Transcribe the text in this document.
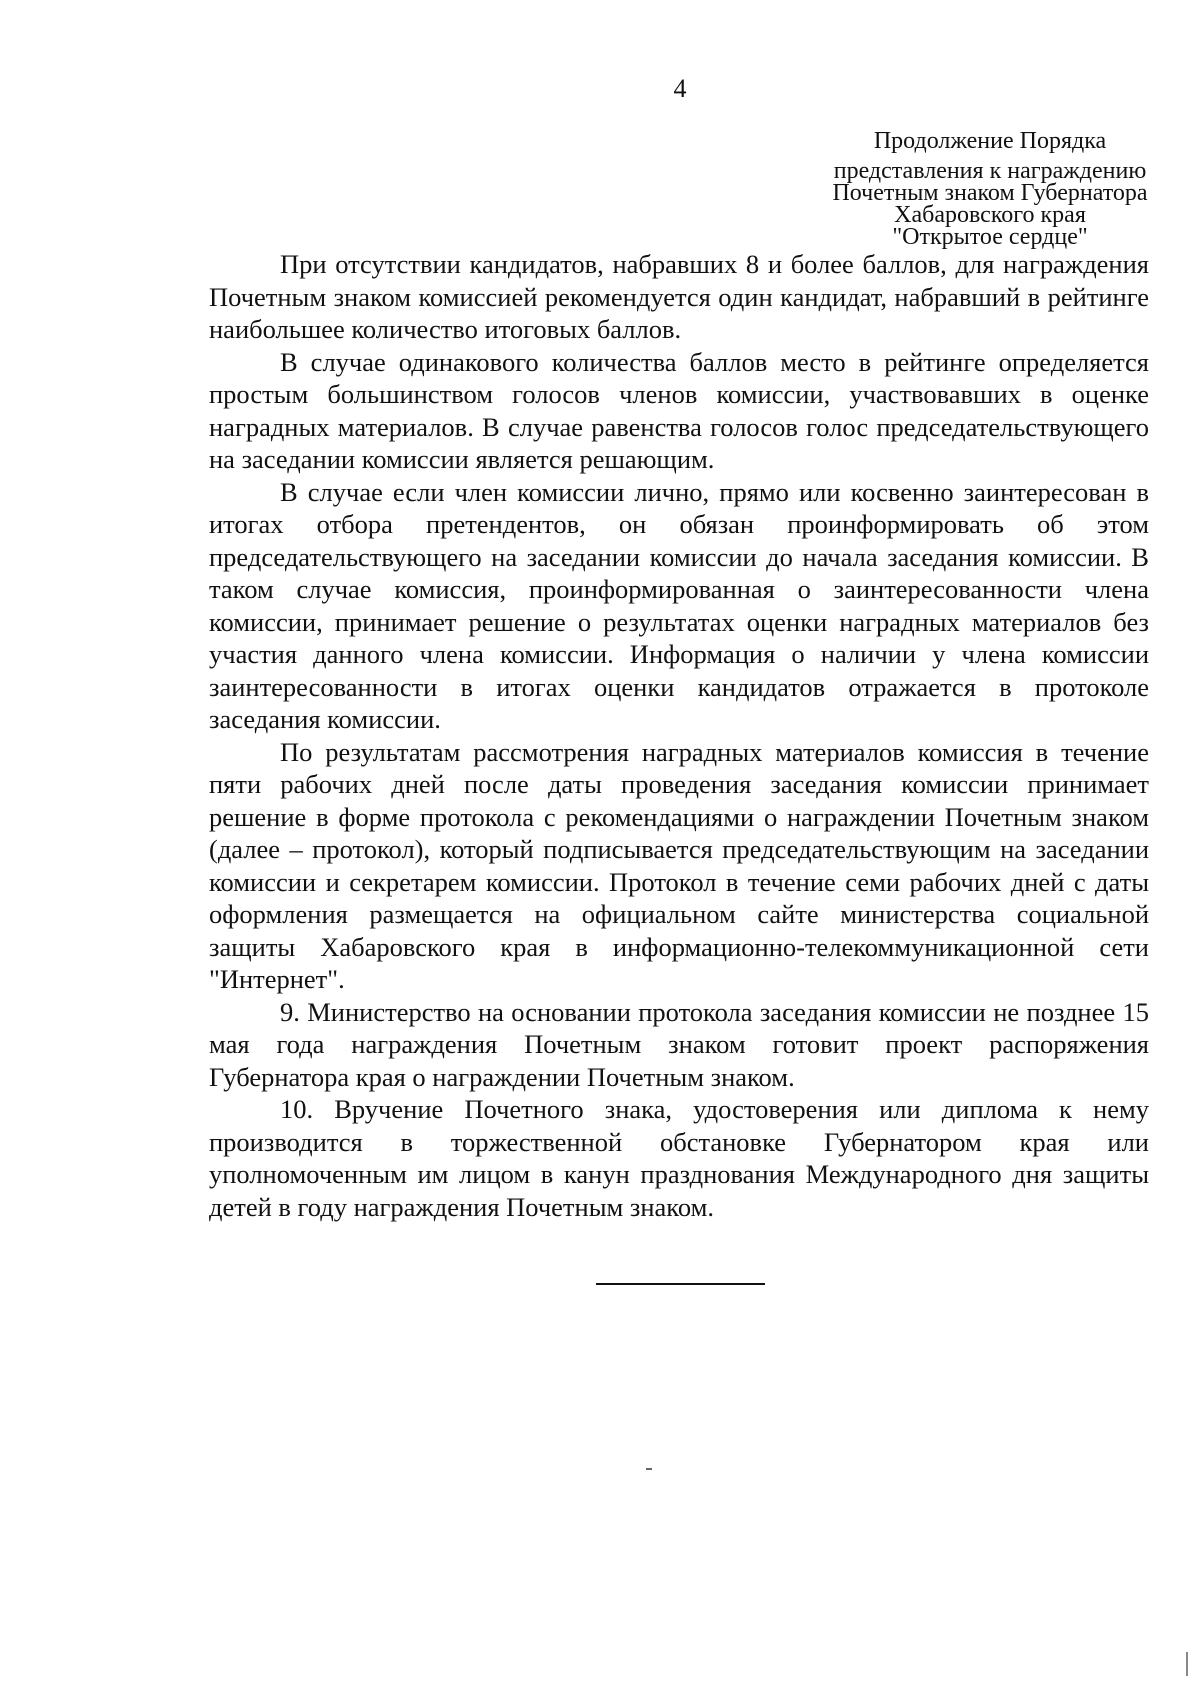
4
Продолжение Порядка
представления к награждению
Почетным знаком Губернатора
Хабаровского края
"Открытое сердце"

При отсутствии кандидатов, набравших 8 и более баллов, для награждения Почетным знаком комиссией рекомендуется один кандидат, набравший в рейтинге наибольшее количество итоговых баллов.

В случае одинакового количества баллов место в рейтинге определяется простым большинством голосов членов комиссии, участвовавших в оценке наградных материалов. В случае равенства голосов голос председательствующего на заседании комиссии является решающим.

В случае если член комиссии лично, прямо или косвенно заинтересован в итогах отбора претендентов, он обязан проинформировать об этом председательствующего на заседании комиссии до начала заседания комиссии. В таком случае комиссия, проинформированная о заинтересованности члена комиссии, принимает решение о результатах оценки наградных материалов без участия данного члена комиссии. Информация о наличии у члена комиссии заинтересованности в итогах оценки кандидатов отражается в протоколе заседания комиссии.

По результатам рассмотрения наградных материалов комиссия в течение пяти рабочих дней после даты проведения заседания комиссии принимает решение в форме протокола с рекомендациями о награждении Почетным знаком (далее – протокол), который подписывается председательствующим на заседании комиссии и секретарем комиссии. Протокол в течение семи рабочих дней с даты оформления размещается на официальном сайте министерства социальной защиты Хабаровского края в информационно-телекоммуникационной сети "Интернет".

9. Министерство на основании протокола заседания комиссии не позднее 15 мая года награждения Почетным знаком готовит проект распоряжения Губернатора края о награждении Почетным знаком.

10. Вручение Почетного знака, удостоверения или диплома к нему производится в торжественной обстановке Губернатором края или уполномоченным им лицом в канун празднования Международного дня защиты детей в году награждения Почетным знаком.
